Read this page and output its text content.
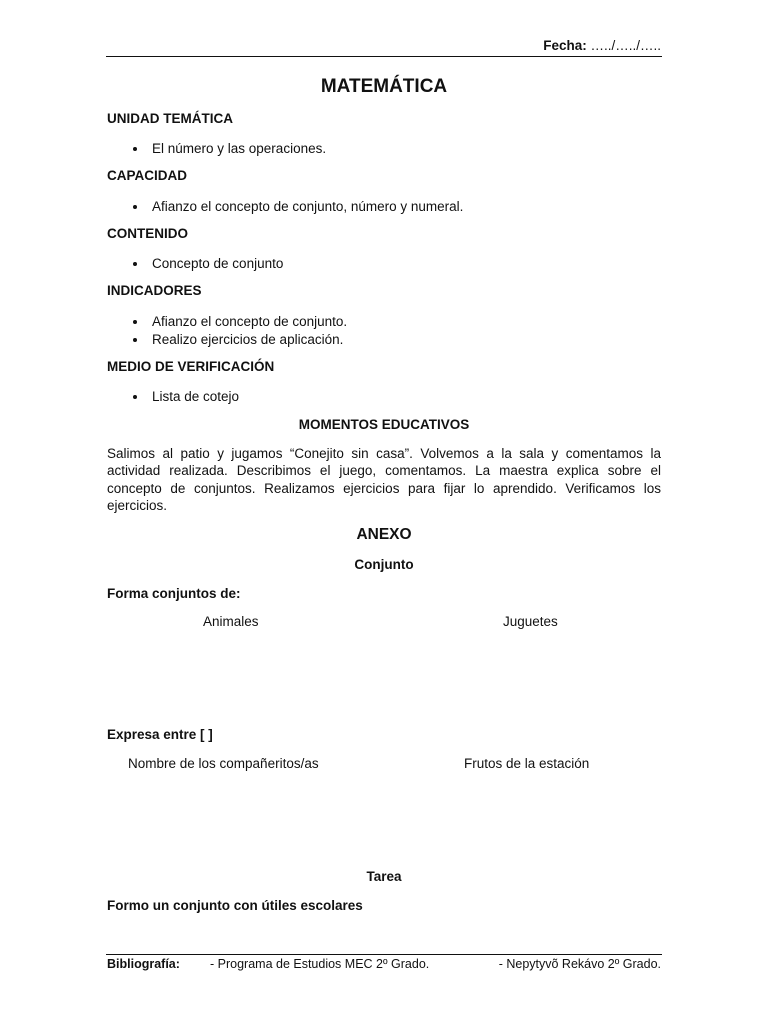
Fecha: …../…../…..
MATEMÁTICA
UNIDAD TEMÁTICA
El número y las operaciones.
CAPACIDAD
Afianzo el concepto de conjunto, número y numeral.
CONTENIDO
Concepto de conjunto
INDICADORES
Afianzo el concepto de conjunto.
Realizo ejercicios de aplicación.
MEDIO DE VERIFICACIÓN
Lista de cotejo
MOMENTOS EDUCATIVOS
Salimos al patio y jugamos “Conejito sin casa”. Volvemos a la sala y comentamos la actividad realizada. Describimos el juego, comentamos. La maestra explica sobre el concepto de conjuntos. Realizamos ejercicios para fijar lo aprendido. Verificamos los ejercicios.
ANEXO
Conjunto
Forma conjuntos de:
Animales	Juguetes
Expresa entre [ ]
Nombre de los compañeritos/as	Frutos de la estación
Tarea
Formo un conjunto con útiles escolares
Bibliografía: - Programa de Estudios MEC 2º Grado.	- Nepytyvõ Rekávo 2º Grado.
